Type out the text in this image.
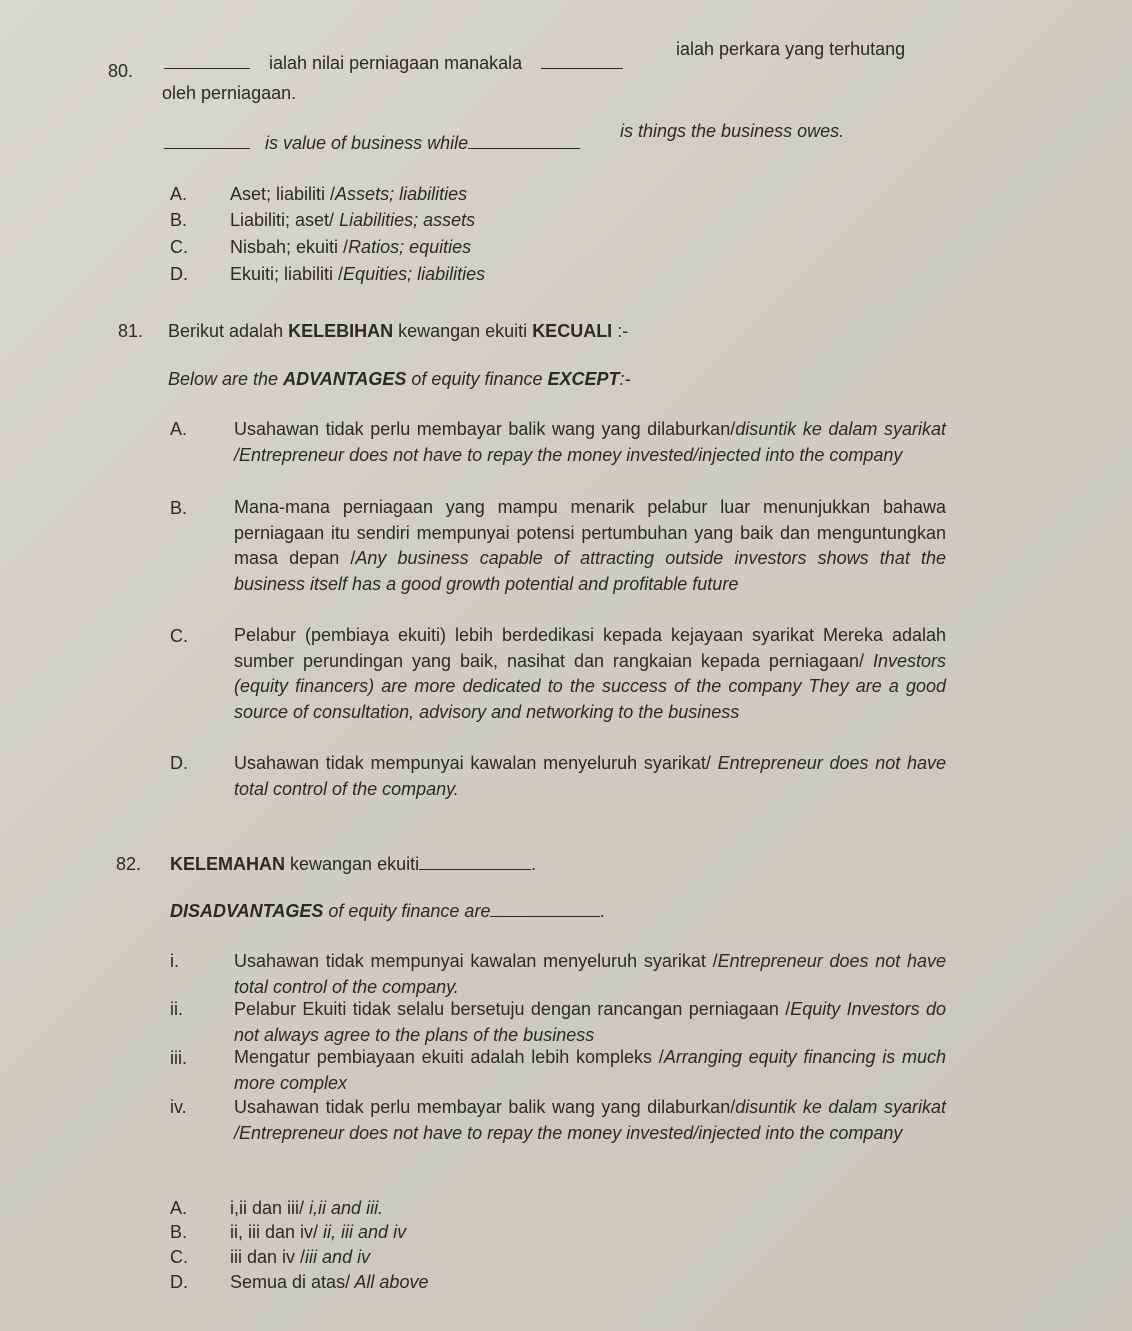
80.	ialah nilai perniagaan manakala
ialah perkara yang terhutang
oleh perniagaan.
is value of business while
is things the business owes.
A. Aset; liabiliti /Assets; liabilities
B. Liabiliti; aset/ Liabilities; assets
C. Nisbah; ekuiti /Ratios; equities
D. Ekuiti; liabiliti /Equities; liabilities
81. Berikut adalah KELEBIHAN kewangan ekuiti KECUALI :-
Below are the ADVANTAGES of equity finance EXCEPT:-
A.	Usahawan tidak perlu membayar balik wang yang dilaburkan/disuntik ke dalam syarikat /Entrepreneur does not have to repay the money invested/injected into the company
B.	Mana-mana perniagaan yang mampu menarik pelabur luar menunjukkan bahawa perniagaan itu sendiri mempunyai potensi pertumbuhan yang baik dan menguntungkan masa depan /Any business capable of attracting outside investors shows that the business itself has a good growth potential and profitable future
C.	Pelabur (pembiaya ekuiti) lebih berdedikasi kepada kejayaan syarikat Mereka adalah sumber perundingan yang baik, nasihat dan rangkaian kepada perniagaan/ Investors (equity financers) are more dedicated to the success of the company They are a good source of consultation, advisory and networking to the business
D.	Usahawan tidak mempunyai kawalan menyeluruh syarikat/ Entrepreneur does not have total control of the company.
82. KELEMAHAN kewangan ekuiti	.
DISADVANTAGES of equity finance are	.
i.	Usahawan tidak mempunyai kawalan menyeluruh syarikat /Entrepreneur does not have total control of the company.
ii.	Pelabur Ekuiti tidak selalu bersetuju dengan rancangan perniagaan /Equity Investors do not always agree to the plans of the business
iii.	Mengatur pembiayaan ekuiti adalah lebih kompleks /Arranging equity financing is much more complex
iv.	Usahawan tidak perlu membayar balik wang yang dilaburkan/disuntik ke dalam syarikat /Entrepreneur does not have to repay the money invested/injected into the company
A. i,ii dan iii/ i,ii and iii.
B. ii, iii dan iv/ ii, iii and iv
C. iii dan iv /iii and iv
D. Semua di atas/ All above
